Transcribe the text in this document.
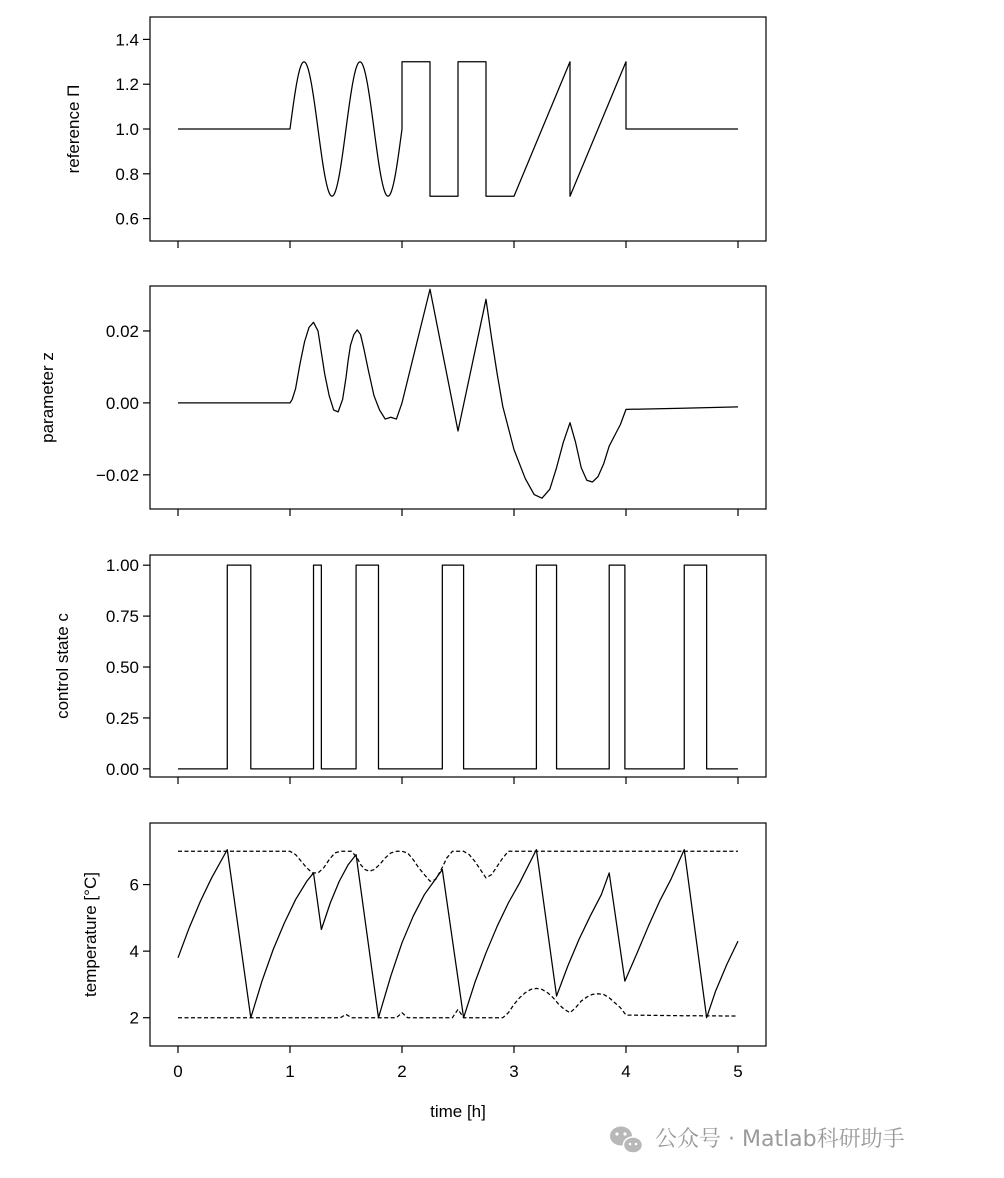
0.6
0.8
1.0
1.2
1.4
reference Π
−0.02
0.00
0.02
parameter z
0.00
0.25
0.50
0.75
1.00
control state c
2
4
6
0	1	2	3	4	5
temperature [°C]
time [h]
公众号 · Matlab科研助手
